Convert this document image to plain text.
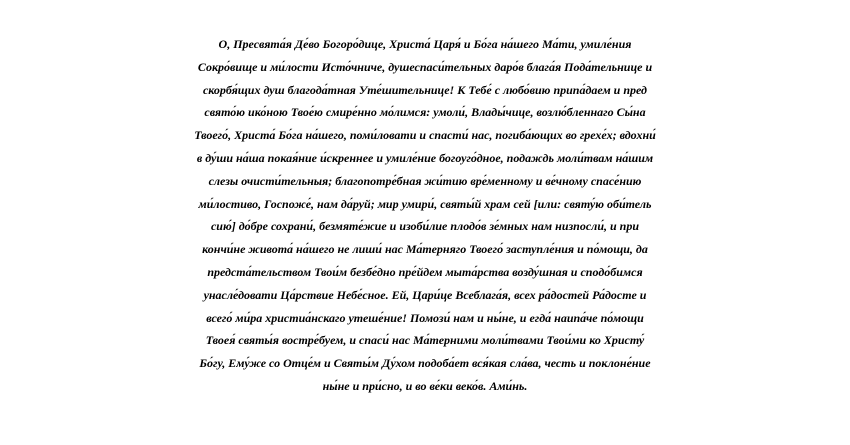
О, Пресвята́я Де́во Богоро́дице, Христа́ Царя́ и Бо́га на́шего Ма́ти, умиле́ния
Сокро́вище и ми́лости Исто́чниче, душеспаси́тельных даро́в блага́я Пода́тельнице и
скорбя́щих душ благода́тная Уте́шительнице! К Тебе́ с любо́вию припа́даем и пред
свято́ю ико́ною Твое́ю смире́нно мо́лимся: умоли́, Влады́чице, возлю́бленнаго Сы́на
Твоего́, Христа́ Бо́га на́шего, поми́ловати и спасти́ нас, погиба́ющих во грехе́х; вдохни́
в ду́ши на́ша покая́ние и́скреннее и умиле́ние богоуго́дное, подаждь моли́твам на́шим
слезы очисти́тельныя; благопотре́бная жи́тию вре́менному и ве́чному спасе́нию
ми́лостиво, Госпоже́, нам да́руй; мир умири́, святы́й храм сей [или: святу́ю оби́тель
сию́] до́бре сохрани́, безмяте́жие и изоби́лие плодо́в зе́мных нам низпосли́, и при
кончи́не живота́ на́шего не лиши́ нас Ма́терняго Твоего́ заступле́ния и по́мощи, да
предста́тельством Твои́м безбе́дно пре́йдем мыта́рства возду́шная и сподо́бимся
унасле́довати Ца́рствие Небе́сное. Ей, Цари́це Всеблага́я, всех ра́достей Ра́досте и
всего́ ми́ра христиа́нскаго утеше́ние! Помози́ нам и ны́не, и егда́ наипа́че по́мощи
Твоея́ святы́я востре́буем, и спаси́ нас Ма́терними моли́твами Твои́ми ко Христу́
Бо́гу, Ему́же со Отце́м и Святы́м Ду́хом подоба́ет вся́кая сла́ва, честь и поклоне́ние
ны́не и при́сно, и во ве́ки веко́в. Ами́нь.
